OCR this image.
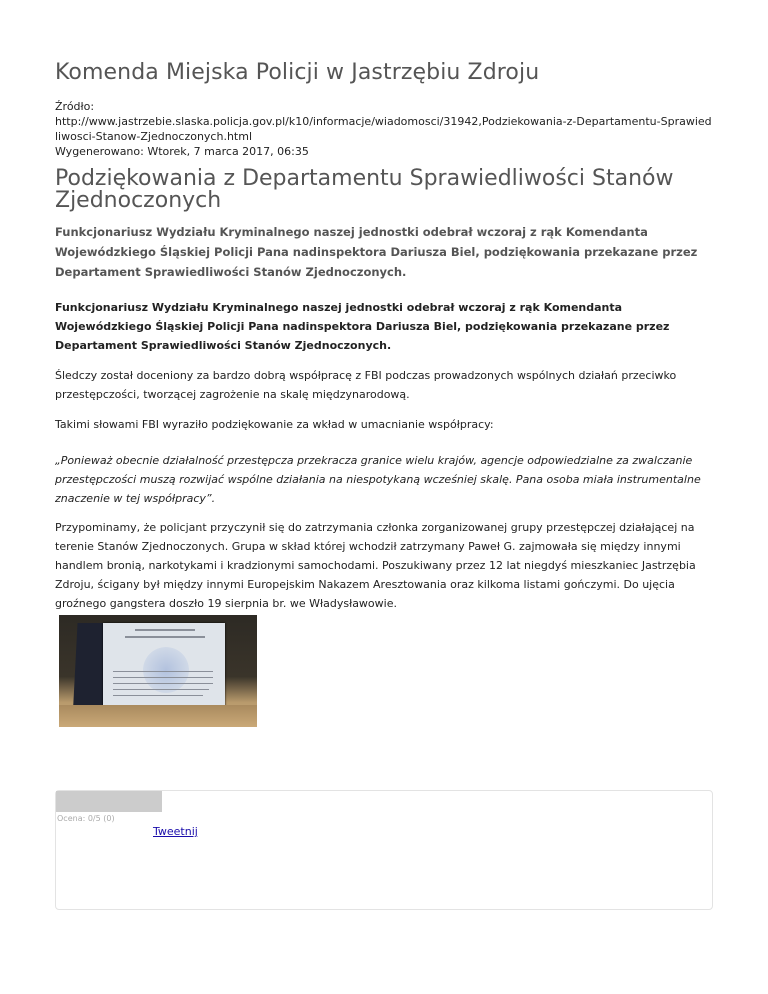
Komenda Miejska Policji w Jastrzębiu Zdroju
Źródło:
http://www.jastrzebie.slaska.policja.gov.pl/k10/informacje/wiadomosci/31942,Podziekowania-z-Departamentu-Sprawiedliwosci-Stanow-Zjednoczonych.html
Wygenerowano: Wtorek, 7 marca 2017, 06:35
Podziękowania z Departamentu Sprawiedliwości Stanów Zjednoczonych
Funkcjonariusz Wydziału Kryminalnego naszej jednostki odebrał wczoraj z rąk Komendanta Wojewódzkiego Śląskiej Policji Pana nadinspektora Dariusza Biel, podziękowania przekazane przez Departament Sprawiedliwości Stanów Zjednoczonych.
Funkcjonariusz Wydziału Kryminalnego naszej jednostki odebrał wczoraj z rąk Komendanta Wojewódzkiego Śląskiej Policji Pana nadinspektora Dariusza Biel, podziękowania przekazane przez Departament Sprawiedliwości Stanów Zjednoczonych.
Śledczy został doceniony za bardzo dobrą współpracę z FBI podczas prowadzonych wspólnych działań przeciwko przestępczości, tworzącej zagrożenie na skalę międzynarodową.
Takimi słowami FBI wyraziło podziękowanie za wkład w umacnianie współpracy:
„Ponieważ obecnie działalność przestępcza przekracza granice wielu krajów, agencje odpowiedzialne za zwalczanie przestępczości muszą rozwijać wspólne działania na niespotykaną wcześniej skalę. Pana osoba miała instrumentalne znaczenie w tej współpracy”.
Przypominamy, że policjant przyczynił się do zatrzymania członka zorganizowanej grupy przestępczej działającej na terenie Stanów Zjednoczonych. Grupa w skład której wchodził zatrzymany Paweł G. zajmowała się między innymi handlem bronią, narkotykami i kradzionymi samochodami. Poszukiwany przez 12 lat niegdyś mieszkaniec Jastrzębia Zdroju, ścigany był między innymi Europejskim Nakazem Aresztowania oraz kilkoma listami gończymi. Do ujęcia groźnego gangstera doszło 19 sierpnia br. we Władysławowie.
Ocena: 0/5 (0)
Tweetnij
